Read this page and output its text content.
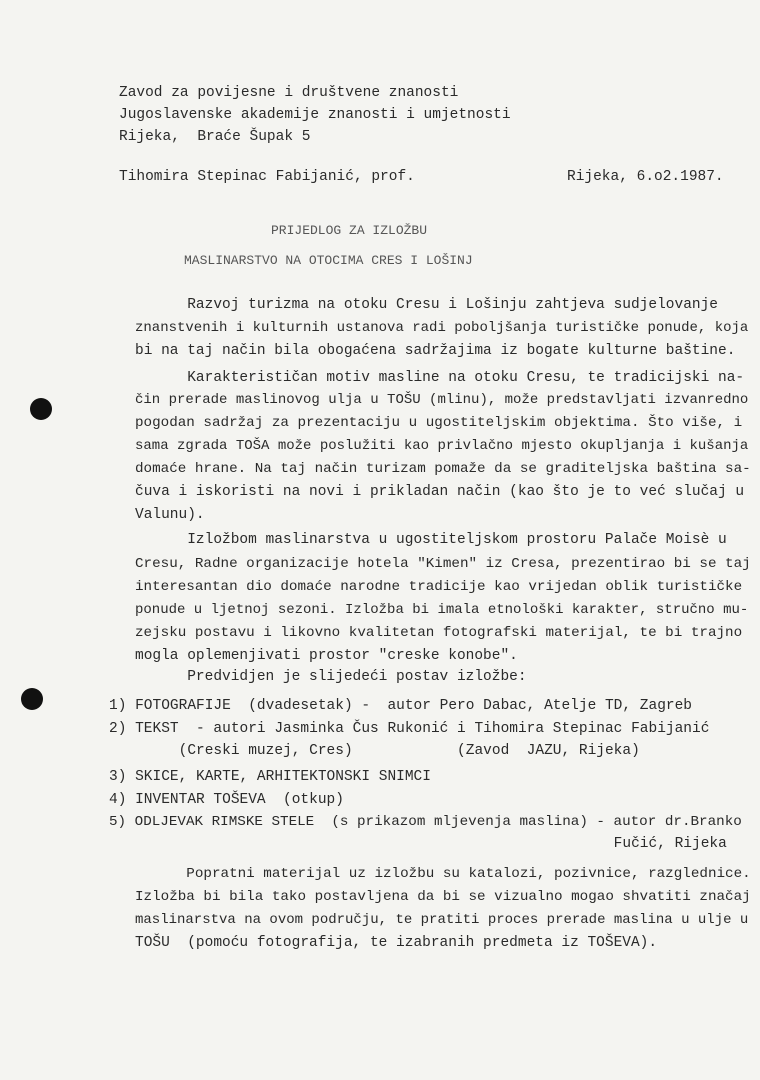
Zavod za povijesne i društvene znanosti
Jugoslavenske akademije znanosti i umjetnosti
Rijeka,  Braće Šupak 5
Tihomira Stepinac Fabijanić, prof.	Rijeka, 6.o2.1987.
PRIJEDLOG ZA IZLOŽBU
MASLINARSTVO NA OTOCIMA CRES I LOŠINJ
Razvoj turizma na otoku Cresu i Lošinju zahtjeva sudjelovanje
znanstvenih i kulturnih ustanova radi poboljšanja turističke ponude, koja
bi na taj način bila obogaćena sadržajima iz bogate kulturne baštine.
Karakterističan motiv masline na otoku Cresu, te tradicijski na-
čin prerade maslinovog ulja u TOŠU (mlinu), može predstavljati izvanredno
pogodan sadržaj za prezentaciju u ugostiteljskim objektima. Što više, i
sama zgrada TOŠA može poslužiti kao privlačno mjesto okupljanja i kušanja
domaće hrane. Na taj način turizam pomaže da se graditeljska baština sa-
čuva i iskoristi na novi i prikladan način (kao što je to već slučaj u
Valunu).
Izložbom maslinarstva u ugostiteljskom prostoru Palače Moisè u
Cresu, Radne organizacije hotela "Kimen" iz Cresa, prezentirao bi se taj
interesantan dio domaće narodne tradicije kao vrijedan oblik turističke
ponude u ljetnoj sezoni. Izložba bi imala etnološki karakter, stručno mu-
zejsku postavu i likovno kvalitetan fotografski materijal, te bi trajno
mogla oplemenjivati prostor "creske konobe".
Predvidjen je slijedeći postav izložbe:
1) FOTOGRAFIJE  (dvadesetak) -  autor Pero Dabac, Atelje TD, Zagreb
2) TEKST  - autori Jasminka Čus Rukonić i Tihomira Stepinac Fabijanić
(Creski muzej, Cres)            (Zavod  JAZU, Rijeka)
3) SKICE, KARTE, ARHITEKTONSKI SNIMCI
4) INVENTAR TOŠEVA  (otkup)
5) ODLJEVAK RIMSKE STELE  (s prikazom mljevenja maslina) - autor dr.Branko
Fučić, Rijeka
Popratni materijal uz izložbu su katalozi, pozivnice, razglednice.
Izložba bi bila tako postavljena da bi se vizualno mogao shvatiti značaj
maslinarstva na ovom području, te pratiti proces prerade maslina u ulje u
TOŠU  (pomoću fotografija, te izabranih predmeta iz TOŠEVA).
